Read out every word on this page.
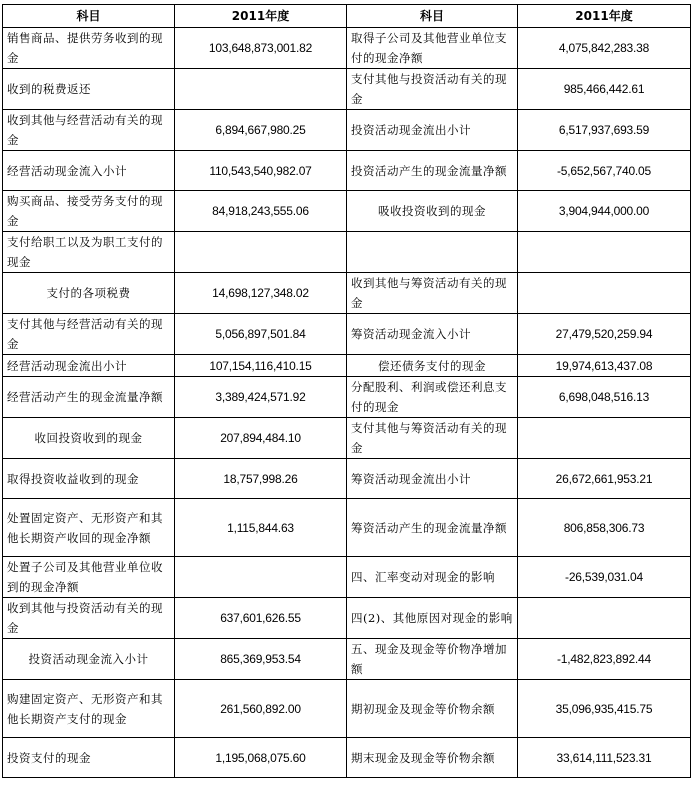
科目	2011年度	科目	2011年度
销售商品、提供劳务收到的现金	103,648,873,001.82	取得子公司及其他营业单位支付的现金净额	4,075,842,283.38
收到的税费返还		支付其他与投资活动有关的现金	985,466,442.61
收到其他与经营活动有关的现金	6,894,667,980.25	投资活动现金流出小计	6,517,937,693.59
经营活动现金流入小计	110,543,540,982.07	投资活动产生的现金流量净额	-5,652,567,740.05
购买商品、接受劳务支付的现金	84,918,243,555.06	吸收投资收到的现金	3,904,944,000.00
支付给职工以及为职工支付的现金			
支付的各项税费	14,698,127,348.02	收到其他与筹资活动有关的现金	
支付其他与经营活动有关的现金	5,056,897,501.84	筹资活动现金流入小计	27,479,520,259.94
经营活动现金流出小计	107,154,116,410.15	偿还债务支付的现金	19,974,613,437.08
经营活动产生的现金流量净额	3,389,424,571.92	分配股利、利润或偿还利息支付的现金	6,698,048,516.13
收回投资收到的现金	207,894,484.10	支付其他与筹资活动有关的现金	
取得投资收益收到的现金	18,757,998.26	筹资活动现金流出小计	26,672,661,953.21
处置固定资产、无形资产和其他长期资产收回的现金净额	1,115,844.63	筹资活动产生的现金流量净额	806,858,306.73
处置子公司及其他营业单位收到的现金净额		四、汇率变动对现金的影响	-26,539,031.04
收到其他与投资活动有关的现金	637,601,626.55	四(2)、其他原因对现金的影响	
投资活动现金流入小计	865,369,953.54	五、现金及现金等价物净增加额	-1,482,823,892.44
购建固定资产、无形资产和其他长期资产支付的现金	261,560,892.00	期初现金及现金等价物余额	35,096,935,415.75
投资支付的现金	1,195,068,075.60	期末现金及现金等价物余额	33,614,111,523.31
